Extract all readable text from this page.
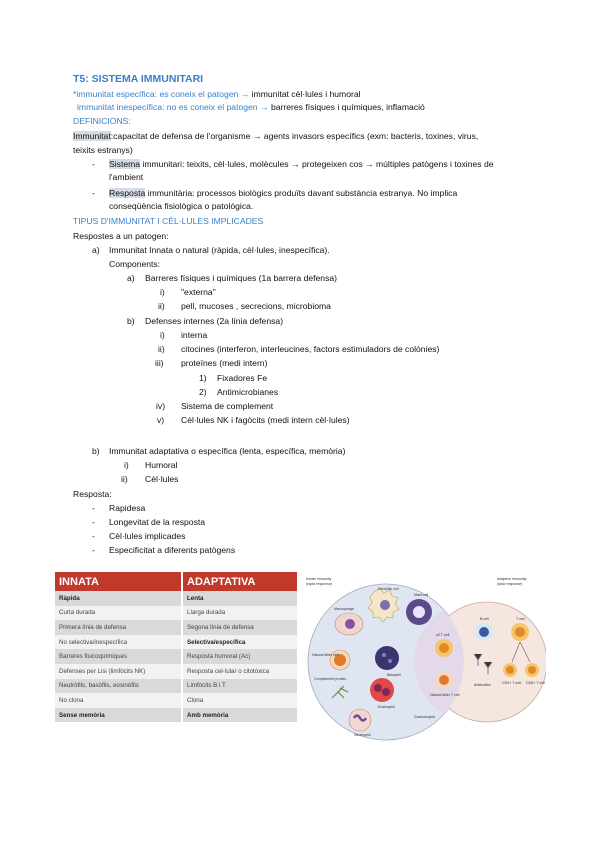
T5: SISTEMA IMMUNITARI
*immunitat específica: es coneix el patogen → immunitat cèl·lules i humoral
immunitat inespecífica: no es coneix el patogen → barreres físiques i químiques, inflamació
DEFINICIONS:
Immunitat:capacitat de defensa de l'organisme → agents invasors específics (exm: bacteris, toxines, virus,
teixits estranys)
- Sistema immunitari: teixits, cèl·lules, molècules → protegeixen cos → múltiples patògens i toxines de
l'ambient
- Resposta immunitària: processos biològics produïts davant substància estranya. No implica
conseqüència fisiològica o patològica.
TIPUS D'IMMUNITAT I CÈL·LULES IMPLICADES
Respostes a un patogen:
a) Immunitat Innata o natural (ràpida, cèl·lules, inespecífica).
Components:
a) Barreres físiques i químiques (1a barrera defensa)
i) "externa"
ii) pell, mucoses , secrecions, microbioma
b) Defenses internes (2a línia defensa)
i) interna
ii) citocines (interferon, interleucines, factors estimuladors de colònies)
iii) proteïnes (medi intern)
1) Fixadores Fe
2) Antimicrobianes
iv) Sistema de complement
v) Cèl·lules NK i fagòcits (medi intern cèl·lules)
b) Immunitat adaptativa o específica (lenta, específica, memòria)
i) Humoral
ii) Cèl·lules
Resposta:
- Rapidesa
- Longevitat de la resposta
- Cèl·lules implicades
- Especificitat a diferents patògens
INNATA	ADAPTATIVA
Ràpida	Lenta
Curta durada	Llarga durada
Primera línia de defensa	Segona línia de defensa
No selectiva/inespecífica	Selectiva/específica
Barreres fisicoquímiques	Resposta humoral (Ac)
Defenses per Lisi (limfòcits NK)	Resposta cel·lular o citotòxica
Neutròfils, basòfils, eosinòfils	Limfòcits B i T
No clona	Clona
Sense memòria	Amb memòria
Innate immunity
(rapid response)
Adaptive immunity
(slow response)
Dendritic cell
Mast cell
Macrophage
Natural killer cell
Complement protein
Basophil
Eosinophil
Neutrophil
Granulocytes
γδ T cell
Natural killer T cell
B cell
Antibodies
T cell
CD4+ T cell CD8+ T cell
